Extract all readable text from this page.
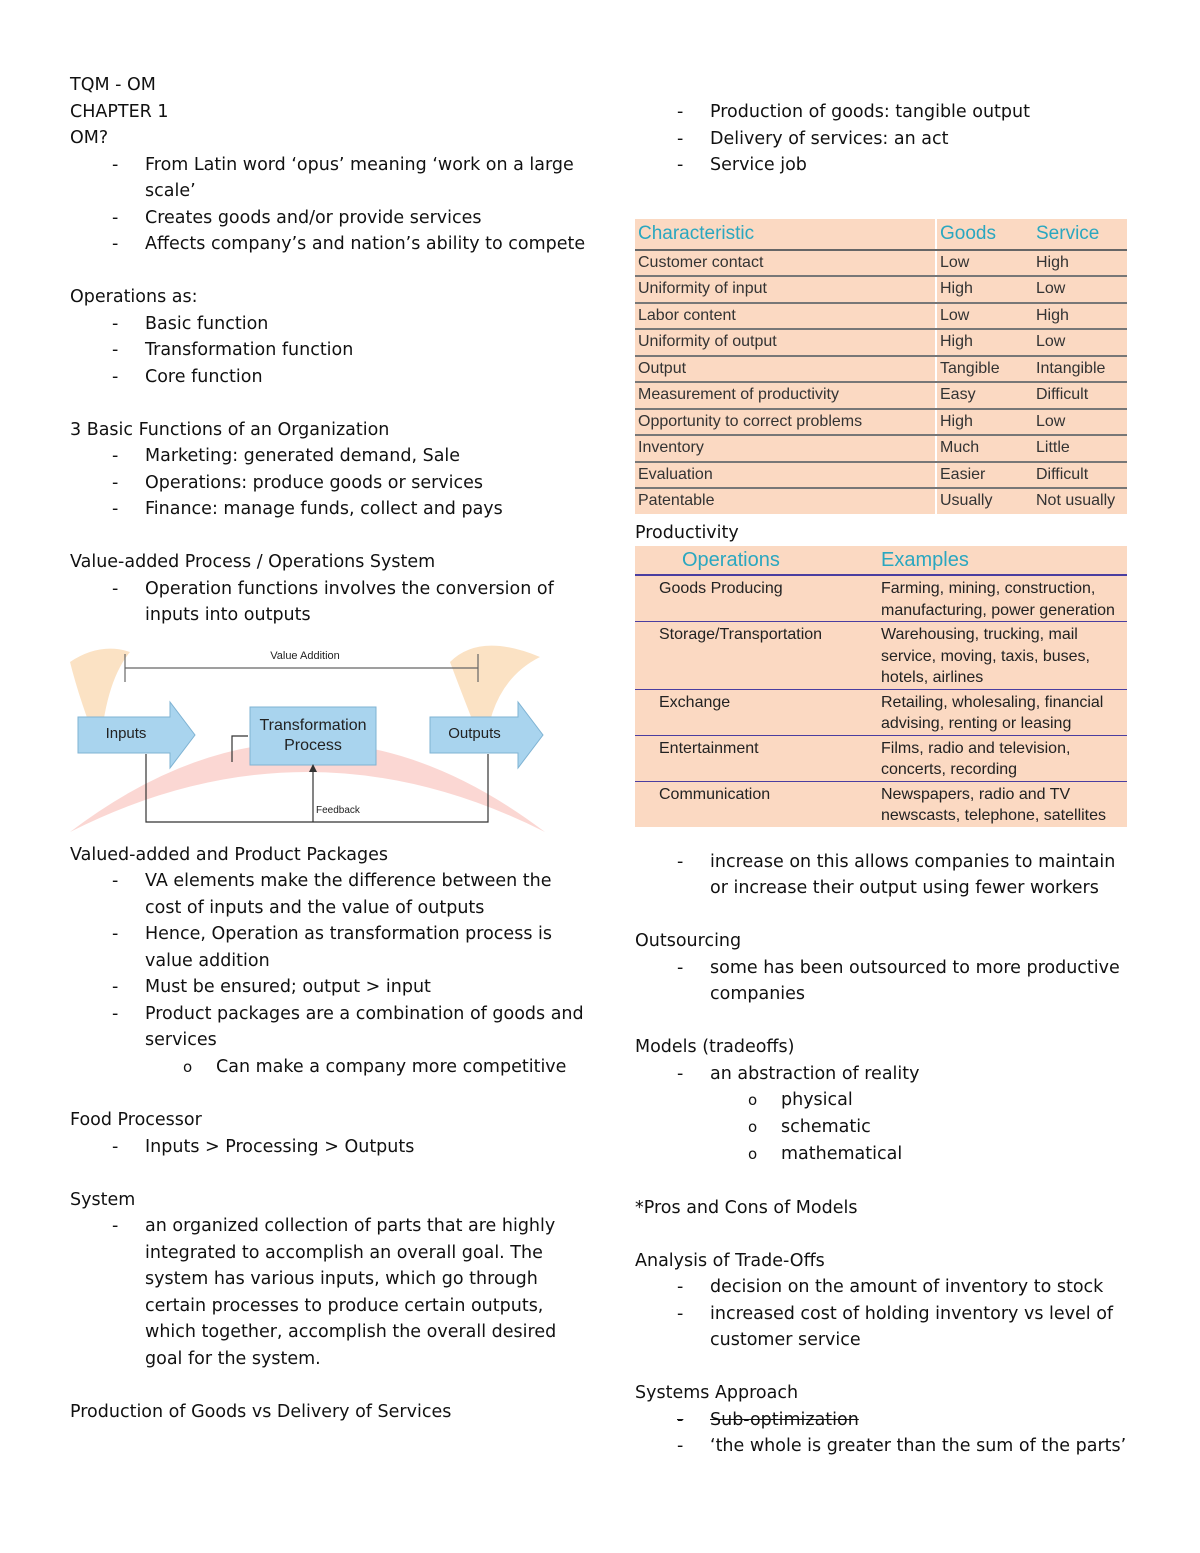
TQM - OM

CHAPTER 1

OM?

-	From Latin word ‘opus’ meaning ‘work on a large scale’
-	Creates goods and/or provide services
-	Affects company’s and nation’s ability to compete

Operations as:

-	Basic function
-	Transformation function
-	Core function

3 Basic Functions of an Organization

-	Marketing: generated demand, Sale
-	Operations: produce goods or services
-	Finance: manage funds, collect and pays

Value-added Process / Operations System

-	Operation functions involves the conversion of inputs into outputs
Value Addition
Inputs	Transformation Process
Outputs
Feedback

Valued-added and Product Packages

-	VA elements make the difference between the cost of inputs and the value of outputs
-	Hence, Operation as transformation process is value addition
-	Must be ensured; output > input
-	Product packages are a combination of goods and services
o	Can make a company more competitive

Food Processor

-	Inputs > Processing > Outputs

System

-	an organized collection of parts that are highly integrated to accomplish an overall goal. The system has various inputs, which go through certain processes to produce certain outputs, which together, accomplish the overall desired goal for the system.

Production of Goods vs Delivery of Services

-	Production of goods: tangible output
-	Delivery of services: an act
-	Service job
Characteristic	Goods	Service
Customer contact	Low	High
Uniformity of input	High	Low
Labor content	Low	High
Uniformity of output	High	Low
Output	Tangible	Intangible
Measurement of productivity	Easy	Difficult
Opportunity to correct problems	High	Low
Inventory	Much	Little
Evaluation	Easier	Difficult
Patentable	Usually	Not usually

Productivity

Operations	Examples
Goods Producing	Farming, mining, construction, manufacturing, power generation
Storage/Transportation	Warehousing, trucking, mail service, moving, taxis, buses, hotels, airlines
Exchange	Retailing, wholesaling, financial advising, renting or leasing
Entertainment	Films, radio and television, concerts, recording
Communication	Newspapers, radio and TV newscasts, telephone, satellites
-	increase on this allows companies to maintain or increase their output using fewer workers

Outsourcing

-	some has been outsourced to more productive companies

Models (tradeoffs)

-	an abstraction of reality
o	physical
o	schematic
o	mathematical

*Pros and Cons of Models

Analysis of Trade-Offs

-	decision on the amount of inventory to stock
-	increased cost of holding inventory vs level of customer service

Systems Approach

-	Sub-optimization
-	‘the whole is greater than the sum of the parts’
